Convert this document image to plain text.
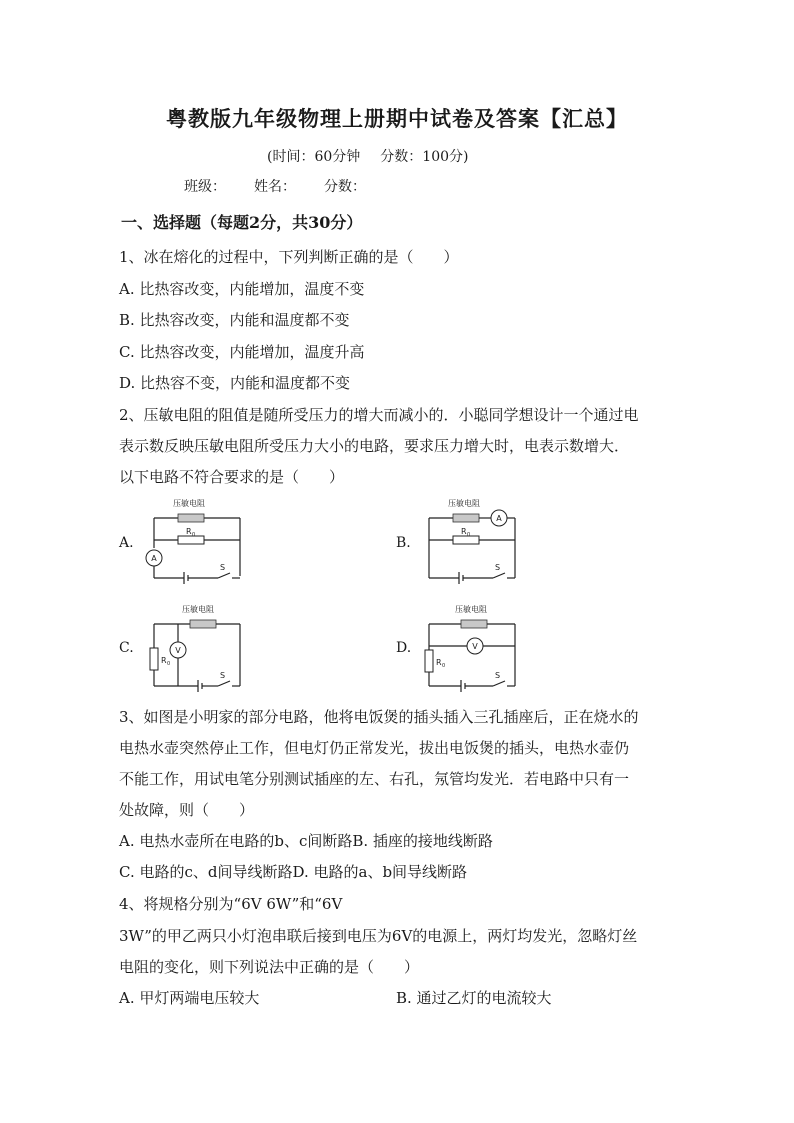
粤教版九年级物理上册期中试卷及答案【汇总】
(时间：60分钟 分数：100分)
班级： 姓名： 分数：
一、选择题（每题2分，共30分）
1、冰在熔化的过程中，下列判断正确的是（　　）
A. 比热容改变，内能增加，温度不变
B. 比热容改变，内能和温度都不变
C. 比热容改变，内能增加，温度升高
D. 比热容不变，内能和温度都不变
2、压敏电阻的阻值是随所受压力的增大而减小的．小聪同学想设计一个通过电
表示数反映压敏电阻所受压力大小的电路，要求压力增大时，电表示数增大．
以下电路不符合要求的是（　　）
A.	B.
C.	D.
压敏电阻
R 0
A
S
压敏电阻
A
R 0
S
压敏电阻
R 0
V
S
压敏电阻
R 0
V
S
3、如图是小明家的部分电路，他将电饭煲的插头插入三孔插座后，正在烧水的
电热水壶突然停止工作，但电灯仍正常发光，拔出电饭煲的插头，电热水壶仍
不能工作，用试电笔分别测试插座的左、右孔，氖管均发光．若电路中只有一
处故障，则（　　）
A. 电热水壶所在电路的b、c间断路B. 插座的接地线断路
C. 电路的c、d间导线断路D. 电路的a、b间导线断路
4、将规格分别为“6V 6W”和“6V
3W”的甲乙两只小灯泡串联后接到电压为6V的电源上，两灯均发光，忽略灯丝
电阻的变化，则下列说法中正确的是（　　）
A. 甲灯两端电压较大	B. 通过乙灯的电流较大
